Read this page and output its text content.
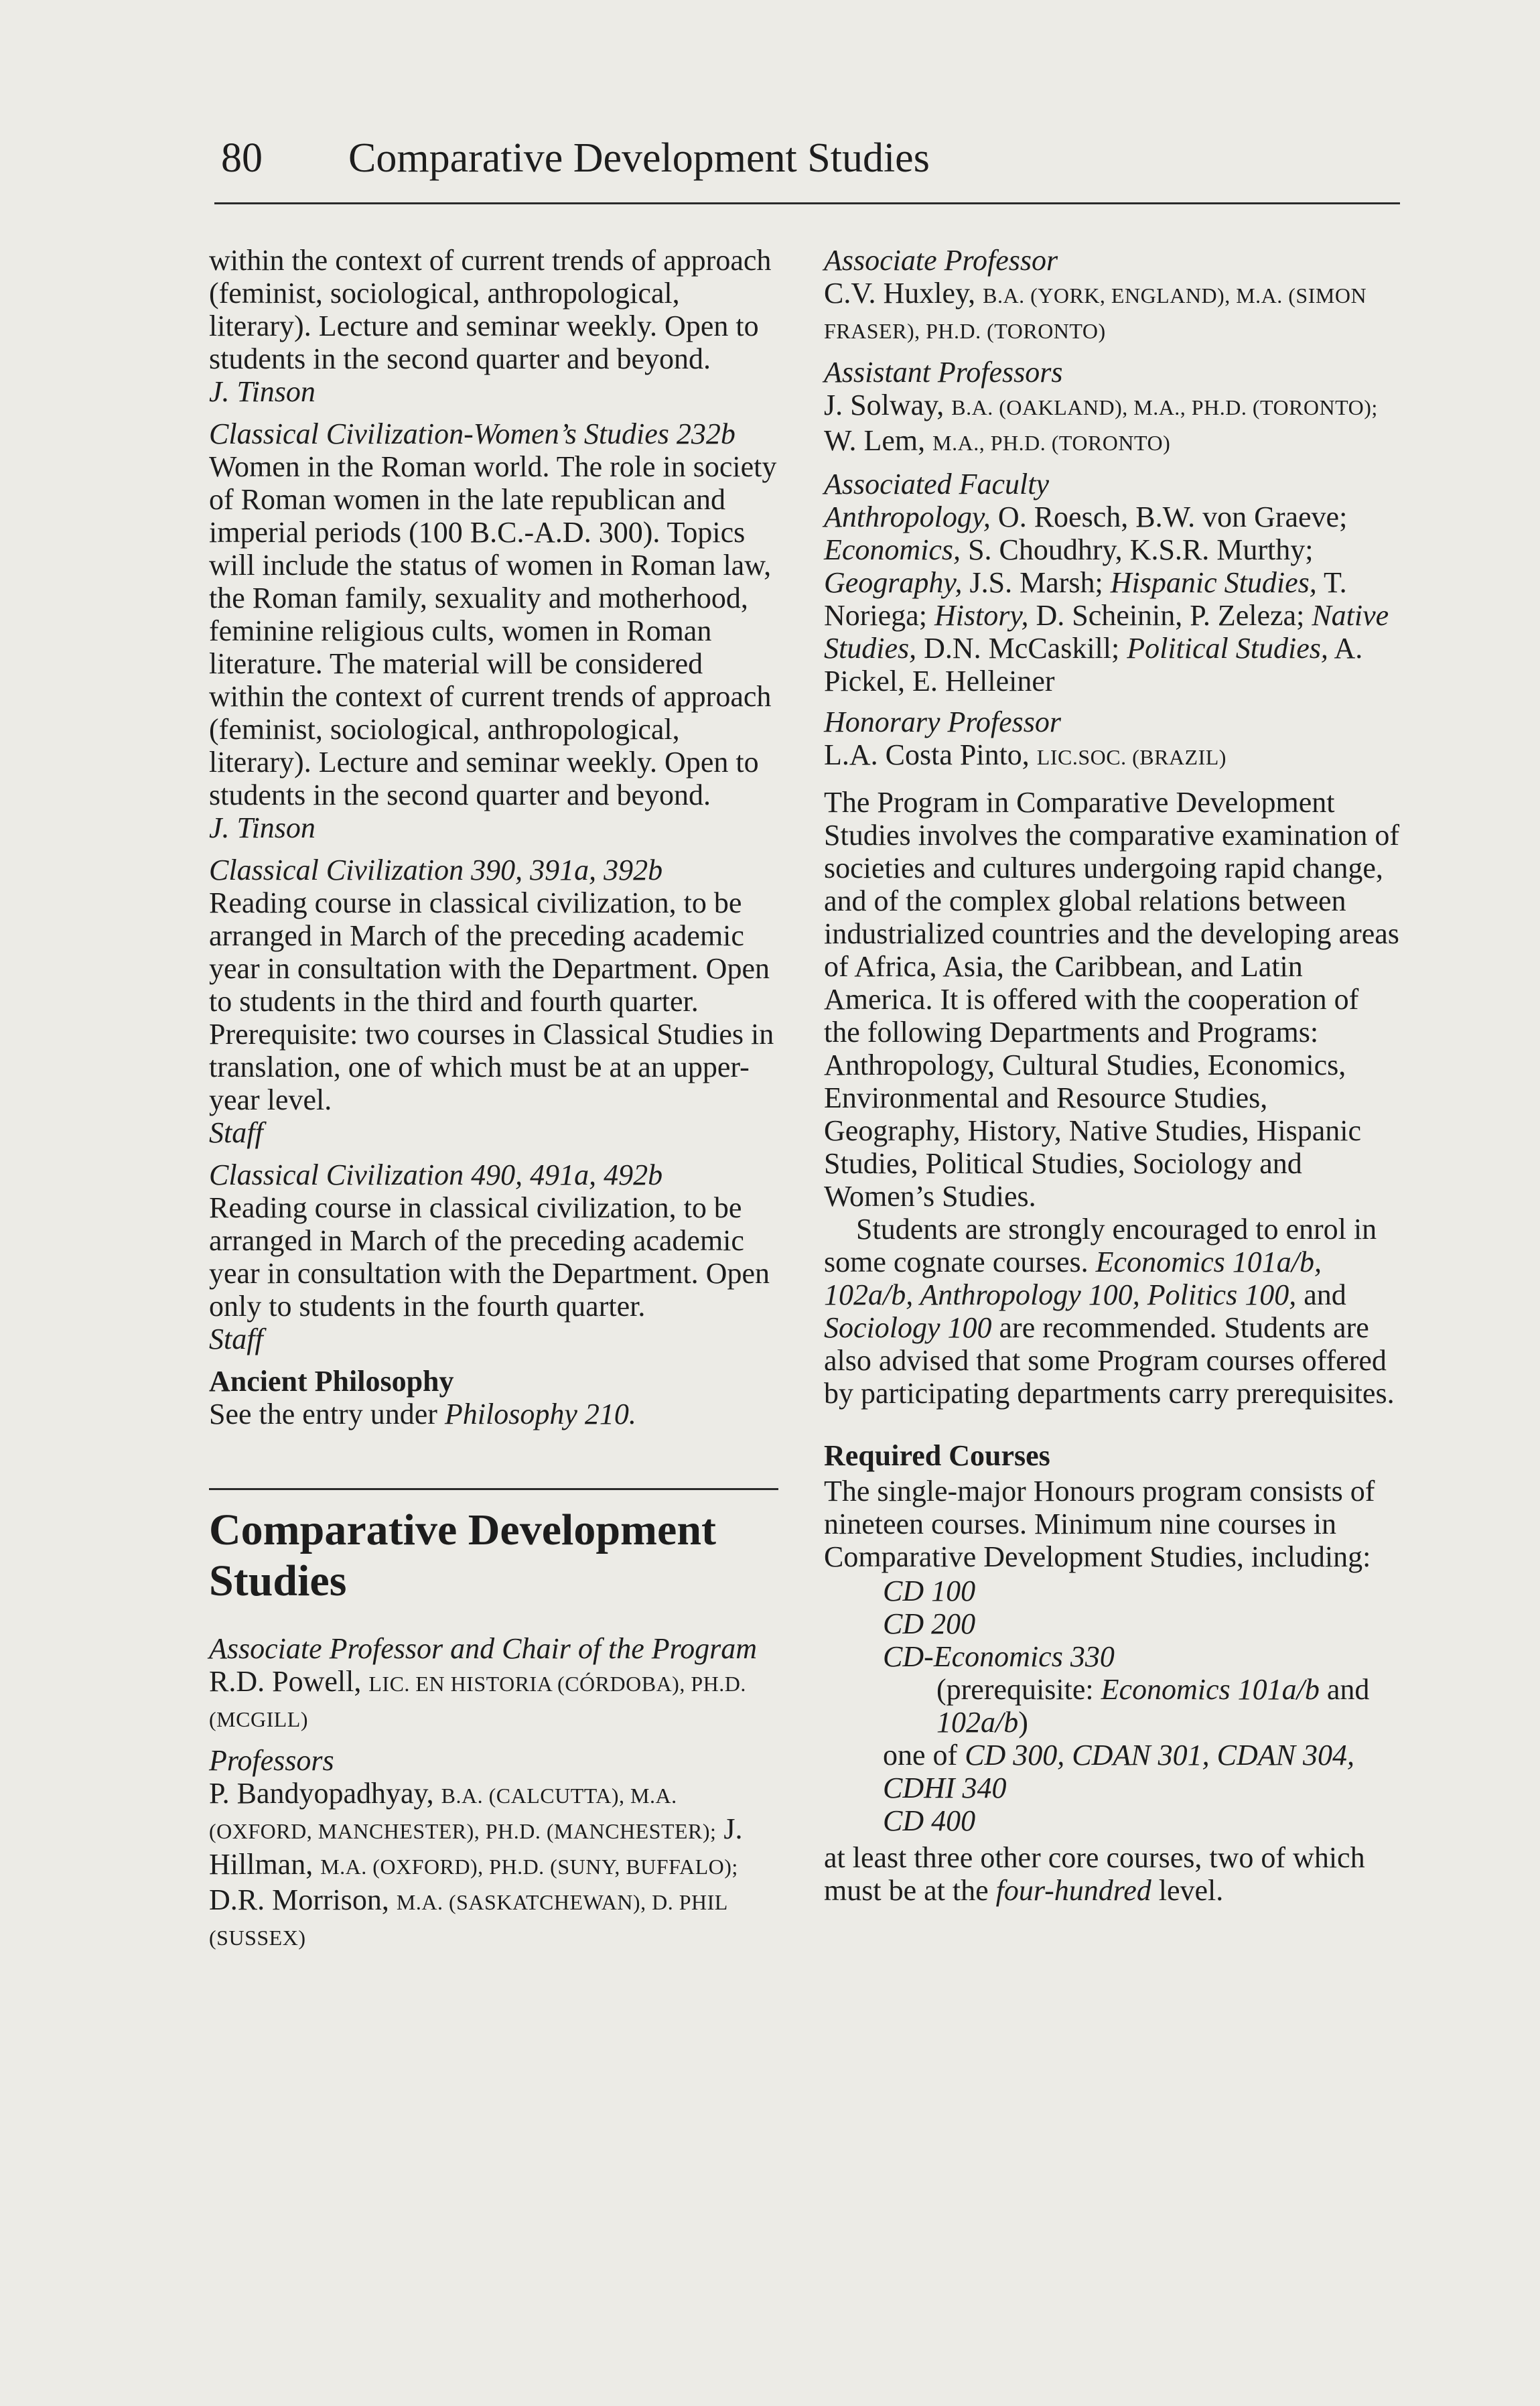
80 Comparative Development Studies
within the context of current trends of approach (feminist, sociological, anthropological, literary). Lecture and seminar weekly. Open to students in the second quarter and beyond.
J. Tinson
Classical Civilization-Women’s Studies 232b
Women in the Roman world. The role in society of Roman women in the late republican and imperial periods (100 B.C.-A.D. 300). Topics will include the status of women in Roman law, the Roman family, sexuality and motherhood, feminine religious cults, women in Roman literature. The material will be considered within the context of current trends of approach (feminist, sociological, anthropological, literary). Lecture and seminar weekly. Open to students in the second quarter and beyond.
J. Tinson
Classical Civilization 390, 391a, 392b
Reading course in classical civilization, to be arranged in March of the preceding academic year in consultation with the Department. Open to students in the third and fourth quarter. Prerequisite: two courses in Classical Studies in translation, one of which must be at an upper-year level.
Staff
Classical Civilization 490, 491a, 492b
Reading course in classical civilization, to be arranged in March of the preceding academic year in consultation with the Department. Open only to students in the fourth quarter.
Staff
Ancient Philosophy
See the entry under Philosophy 210.
Comparative Development Studies
Associate Professor and Chair of the Program
R.D. Powell, LIC. EN HISTORIA (CÓRDOBA), PH.D. (MCGILL)
Professors
P. Bandyopadhyay, B.A. (CALCUTTA), M.A. (OXFORD, MANCHESTER), PH.D. (MANCHESTER); J. Hillman, M.A. (OXFORD), PH.D. (SUNY, BUFFALO); D.R. Morrison, M.A. (SASKATCHEWAN), D. PHIL (SUSSEX)
Associate Professor
C.V. Huxley, B.A. (YORK, ENGLAND), M.A. (SIMON FRASER), PH.D. (TORONTO)
Assistant Professors
J. Solway, B.A. (OAKLAND), M.A., PH.D. (TORONTO); W. Lem, M.A., PH.D. (TORONTO)
Associated Faculty
Anthropology, O. Roesch, B.W. von Graeve; Economics, S. Choudhry, K.S.R. Murthy; Geography, J.S. Marsh; Hispanic Studies, T. Noriega; History, D. Scheinin, P. Zeleza; Native Studies, D.N. McCaskill; Political Studies, A. Pickel, E. Helleiner
Honorary Professor
L.A. Costa Pinto, LIC.SOC. (BRAZIL)
The Program in Comparative Development Studies involves the comparative examination of societies and cultures undergoing rapid change, and of the complex global relations between industrialized countries and the developing areas of Africa, Asia, the Caribbean, and Latin America. It is offered with the cooperation of the following Departments and Programs: Anthropology, Cultural Studies, Economics, Environmental and Resource Studies, Geography, History, Native Studies, Hispanic Studies, Political Studies, Sociology and Women’s Studies.
Students are strongly encouraged to enrol in some cognate courses. Economics 101a/b, 102a/b, Anthropology 100, Politics 100, and Sociology 100 are recommended. Students are also advised that some Program courses offered by participating departments carry prerequisites.
Required Courses
The single-major Honours program consists of nineteen courses. Minimum nine courses in Comparative Development Studies, including:
CD 100
CD 200
CD-Economics 330
(prerequisite: Economics 101a/b and 102a/b)
one of CD 300, CDAN 301, CDAN 304, CDHI 340
CD 400
at least three other core courses, two of which must be at the four-hundred level.
